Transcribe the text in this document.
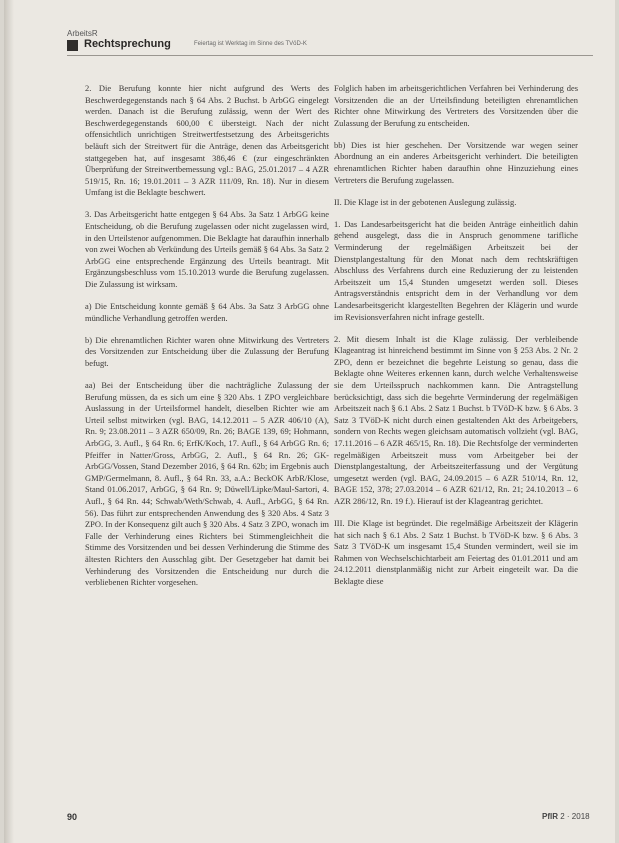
ArbeitsR
Rechtsprechung	Feiertag ist Werktag im Sinne des TVöD-K

2. Die Berufung konnte hier nicht aufgrund des Werts des Beschwerdegegenstands nach § 64 Abs. 2 Buchst. b ArbGG eingelegt werden. Danach ist die Berufung zulässig, wenn der Wert des Beschwerdegegenstands 600,00 € übersteigt. Nach der nicht offensichtlich unrichtigen Streitwertfestsetzung des Arbeitsgerichts beläuft sich der Streitwert für die Anträge, denen das Arbeitsgericht stattgegeben hat, auf insgesamt 386,46 € (zur eingeschränkten Überprüfung der Streitwertbemessung vgl.: BAG, 25.01.2017 – 4 AZR 519/15, Rn. 16; 19.01.2011 – 3 AZR 111/09, Rn. 18). Nur in diesem Umfang ist die Beklagte beschwert.

3. Das Arbeitsgericht hatte entgegen § 64 Abs. 3a Satz 1 ArbGG keine Entscheidung, ob die Berufung zugelassen oder nicht zugelassen wird, in den Urteilstenor aufgenommen. Die Beklagte hat daraufhin innerhalb von zwei Wochen ab Verkündung des Urteils gemäß § 64 Abs. 3a Satz 2 ArbGG eine entsprechende Ergänzung des Urteils beantragt. Mit Ergänzungsbeschluss vom 15.10.2013 wurde die Berufung zugelassen. Die Zulassung ist wirksam.

a) Die Entscheidung konnte gemäß § 64 Abs. 3a Satz 3 ArbGG ohne mündliche Verhandlung getroffen werden.

b) Die ehrenamtlichen Richter waren ohne Mitwirkung des Vertreters des Vorsitzenden zur Entscheidung über die Zulassung der Berufung befugt.

aa) Bei der Entscheidung über die nachträgliche Zulassung der Berufung müssen, da es sich um eine § 320 Abs. 1 ZPO vergleichbare Auslassung in der Urteilsformel handelt, dieselben Richter wie am Urteil selbst mitwirken (vgl. BAG, 14.12.2011 – 5 AZR 406/10 (A), Rn. 9; 23.08.2011 – 3 AZR 650/09, Rn. 26; BAGE 139, 69; Hohmann, ArbGG, 3. Aufl., § 64 Rn. 6; ErfK/Koch, 17. Aufl., § 64 ArbGG Rn. 6; Pfeiffer in Natter/Gross, ArbGG, 2. Aufl., § 64 Rn. 26; GK-ArbGG/Vossen, Stand Dezember 2016, § 64 Rn. 62b; im Ergebnis auch GMP/Germelmann, 8. Aufl., § 64 Rn. 33, a.A.: BeckOK ArbR/Klose, Stand 01.06.2017, ArbGG, § 64 Rn. 9; Düwell/Lipke/Maul-Sartori, 4. Aufl., § 64 Rn. 44; Schwab/Weth/Schwab, 4. Aufl., ArbGG, § 64 Rn. 56). Das führt zur entsprechenden Anwendung des § 320 Abs. 4 Satz 3 ZPO. In der Konsequenz gilt auch § 320 Abs. 4 Satz 3 ZPO, wonach im Falle der Verhinderung eines Richters bei Stimmengleichheit die Stimme des Vorsitzenden und bei dessen Verhinderung die Stimme des ältesten Richters den Ausschlag gibt. Der Gesetzgeber hat damit bei Verhinderung des Vorsitzenden die Entscheidung nur durch die verbliebenen Richter vorgesehen.

Folglich haben im arbeitsgerichtlichen Verfahren bei Verhinderung des Vorsitzenden die an der Urteilsfindung beteiligten ehrenamtlichen Richter ohne Mitwirkung des Vertreters des Vorsitzenden über die Zulassung der Berufung zu entscheiden.

bb) Dies ist hier geschehen. Der Vorsitzende war wegen seiner Abordnung an ein anderes Arbeitsgericht verhindert. Die beteiligten ehrenamtlichen Richter haben daraufhin ohne Hinzuziehung eines Vertreters die Berufung zugelassen.

II. Die Klage ist in der gebotenen Auslegung zulässig.

1. Das Landesarbeitsgericht hat die beiden Anträge einheitlich dahin gehend ausgelegt, dass die in Anspruch genommene tarifliche Verminderung der regelmäßigen Arbeitszeit bei der Dienstplangestaltung für den Monat nach dem rechtskräftigen Abschluss des Verfahrens durch eine Reduzierung der zu leistenden Arbeitszeit um 15,4 Stunden umgesetzt werden soll. Dieses Antragsverständnis entspricht dem in der Verhandlung vor dem Landesarbeitsgericht klargestellten Begehren der Klägerin und wurde im Revisionsverfahren nicht infrage gestellt.

2. Mit diesem Inhalt ist die Klage zulässig. Der verbleibende Klageantrag ist hinreichend bestimmt im Sinne von § 253 Abs. 2 Nr. 2 ZPO, denn er bezeichnet die begehrte Leistung so genau, dass die Beklagte ohne Weiteres erkennen kann, durch welche Verhaltensweise sie dem Urteilsspruch nachkommen kann. Die Antragstellung berücksichtigt, dass sich die begehrte Verminderung der regelmäßigen Arbeitszeit nach § 6.1 Abs. 2 Satz 1 Buchst. b TVöD-K bzw. § 6 Abs. 3 Satz 3 TVöD-K nicht durch einen gestaltenden Akt des Arbeitgebers, sondern von Rechts wegen gleichsam automatisch vollzieht (vgl. BAG, 17.11.2016 – 6 AZR 465/15, Rn. 18). Die Rechtsfolge der verminderten regelmäßigen Arbeitszeit muss vom Arbeitgeber bei der Dienstplangestaltung, der Arbeitszeiterfassung und der Vergütung umgesetzt werden (vgl. BAG, 24.09.2015 – 6 AZR 510/14, Rn. 12, BAGE 152, 378; 27.03.2014 – 6 AZR 621/12, Rn. 21; 24.10.2013 – 6 AZR 286/12, Rn. 19 f.). Hierauf ist der Klageantrag gerichtet.

III. Die Klage ist begründet. Die regelmäßige Arbeitszeit der Klägerin hat sich nach § 6.1 Abs. 2 Satz 1 Buchst. b TVöD-K bzw. § 6 Abs. 3 Satz 3 TVöD-K um insgesamt 15,4 Stunden vermindert, weil sie im Rahmen von Wechselschichtarbeit am Feiertag des 01.01.2011 und am 24.12.2011 dienstplanmäßig nicht zur Arbeit eingeteilt war. Da die Beklagte diese

90	PflR 2 · 2018
